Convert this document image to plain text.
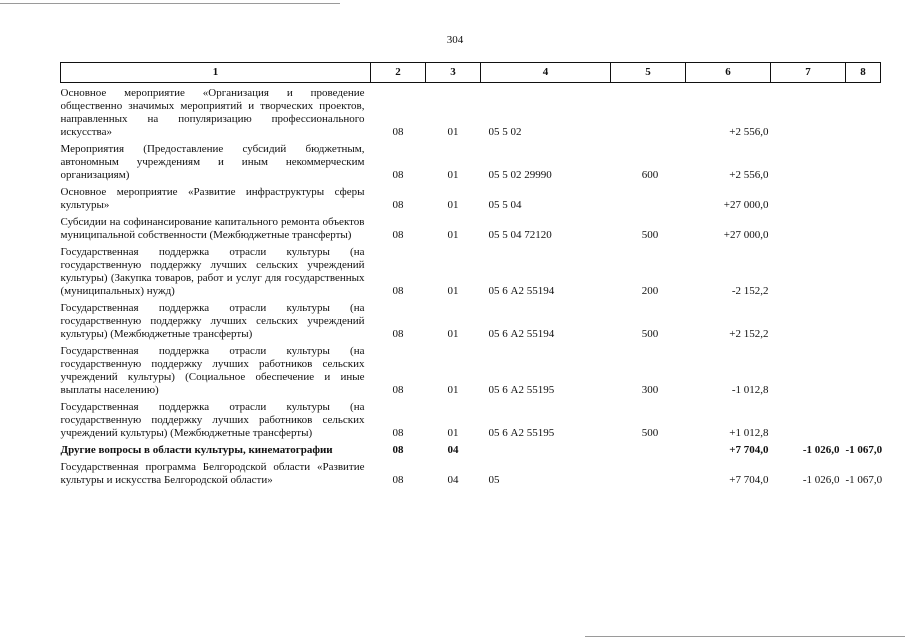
304
1	2	3	4	5	6	7	8
Основное мероприятие «Организация и проведение общественно значимых мероприятий и творческих проектов, направленных на популяризацию профессионального искусства»	08	01	05 5 02		+2 556,0		
Мероприятия (Предоставление субсидий бюджетным, автономным учреждениям и иным некоммерческим организациям)	08	01	05 5 02 29990	600	+2 556,0		
Основное мероприятие «Развитие инфраструктуры сферы культуры»	08	01	05 5 04		+27 000,0		
Субсидии на софинансирование капитального ремонта объектов муниципальной собственности (Межбюджетные трансферты)	08	01	05 5 04 72120	500	+27 000,0		
Государственная поддержка отрасли культуры (на государственную поддержку лучших сельских учреждений культуры) (Закупка товаров, работ и услуг для государственных (муниципальных) нужд)	08	01	05 6 А2 55194	200	-2 152,2		
Государственная поддержка отрасли культуры (на государственную поддержку лучших сельских учреждений культуры) (Межбюджетные трансферты)	08	01	05 6 А2 55194	500	+2 152,2		
Государственная поддержка отрасли культуры (на государственную поддержку лучших работников сельских учреждений культуры) (Социальное обеспечение и иные выплаты населению)	08	01	05 6 А2 55195	300	-1 012,8		
Государственная поддержка отрасли культуры (на государственную поддержку лучших работников сельских учреждений культуры) (Межбюджетные трансферты)	08	01	05 6 А2 55195	500	+1 012,8		
Другие вопросы в области культуры, кинематографии	08	04			+7 704,0	-1 026,0	-1 067,0
Государственная программа Белгородской области «Развитие культуры и искусства Белгородской области»	08	04	05		+7 704,0	-1 026,0	-1 067,0
